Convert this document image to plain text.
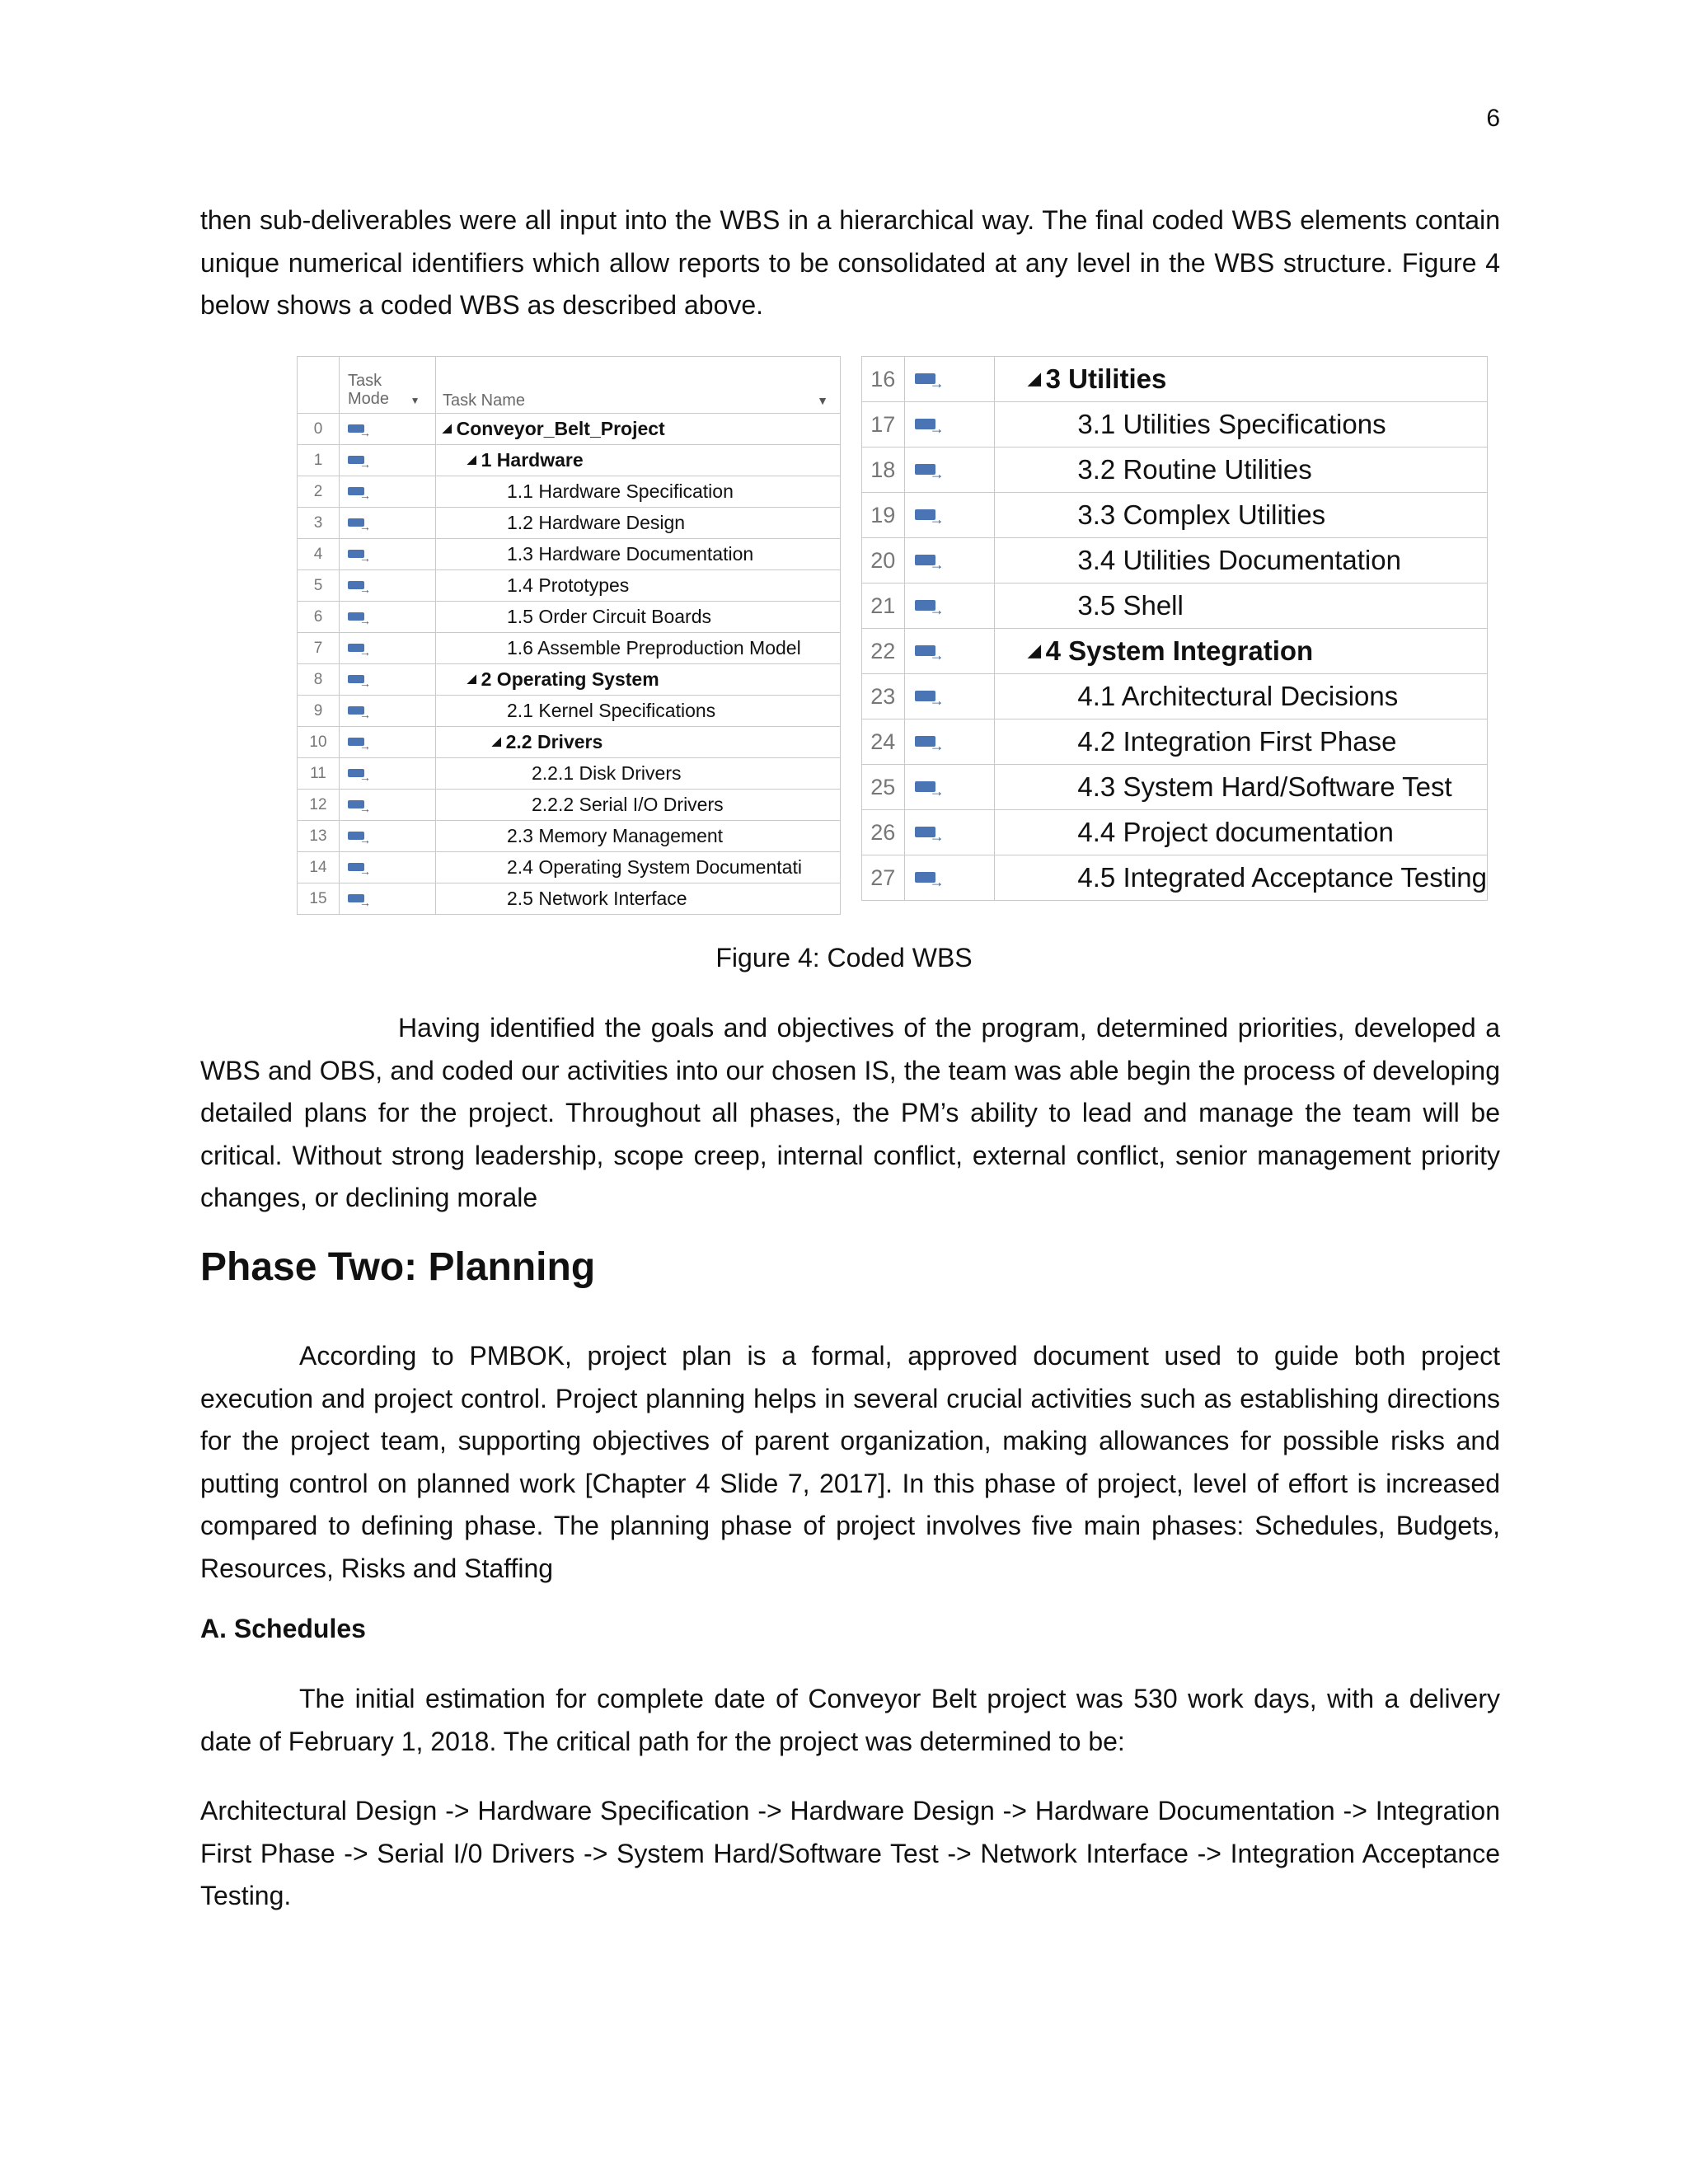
6

then sub-deliverables were all input into the WBS in a hierarchical way. The final coded WBS elements contain unique numerical identifiers which allow reports to be consolidated at any level in the WBS structure. Figure 4 below shows a coded WBS as described above.

	Task Mode ▼	Task Name ▼

0	→	◢ Conveyor_Belt_Project
1	→	◢ 1 Hardware
2	→	1.1 Hardware Specification
3	→	1.2 Hardware Design
4	→	1.3 Hardware Documentation
5	→	1.4 Prototypes
6	→	1.5 Order Circuit Boards
7	→	1.6 Assemble Preproduction Model
8	→	◢ 2 Operating System
9	→	2.1 Kernel Specifications
10	→	◢ 2.2 Drivers
11	→	2.2.1 Disk Drivers
12	→	2.2.2 Serial I/O Drivers
13	→	2.3 Memory Management
14	→	2.4 Operating System Documentati
15	→	2.5 Network Interface
16	→	◢ 3 Utilities
17	→	3.1 Utilities Specifications
18	→	3.2 Routine Utilities
19	→	3.3 Complex Utilities
20	→	3.4 Utilities Documentation
21	→	3.5 Shell
22	→	◢ 4 System Integration
23	→	4.1 Architectural Decisions
24	→	4.2 Integration First Phase
25	→	4.3 System Hard/Software Test
26	→	4.4 Project documentation
27	→	4.5 Integrated Acceptance Testing
Figure 4: Coded WBS

Having identified the goals and objectives of the program, determined priorities, developed a WBS and OBS, and coded our activities into our chosen IS, the team was able begin the process of developing detailed plans for the project. Throughout all phases, the PM’s ability to lead and manage the team will be critical. Without strong leadership, scope creep, internal conflict, external conflict, senior management priority changes, or declining morale

Phase Two: Planning

According to PMBOK, project plan is a formal, approved document used to guide both project execution and project control. Project planning helps in several crucial activities such as establishing directions for the project team, supporting objectives of parent organization, making allowances for possible risks and putting control on planned work [Chapter 4 Slide 7, 2017]. In this phase of project, level of effort is increased compared to defining phase. The planning phase of project involves five main phases: Schedules, Budgets, Resources, Risks and Staffing

A. Schedules

The initial estimation for complete date of Conveyor Belt project was 530 work days, with a delivery date of February 1, 2018. The critical path for the project was determined to be:

Architectural Design -> Hardware Specification -> Hardware Design -> Hardware Documentation -> Integration First Phase -> Serial I/0 Drivers -> System Hard/Software Test -> Network Interface -> Integration Acceptance Testing.
